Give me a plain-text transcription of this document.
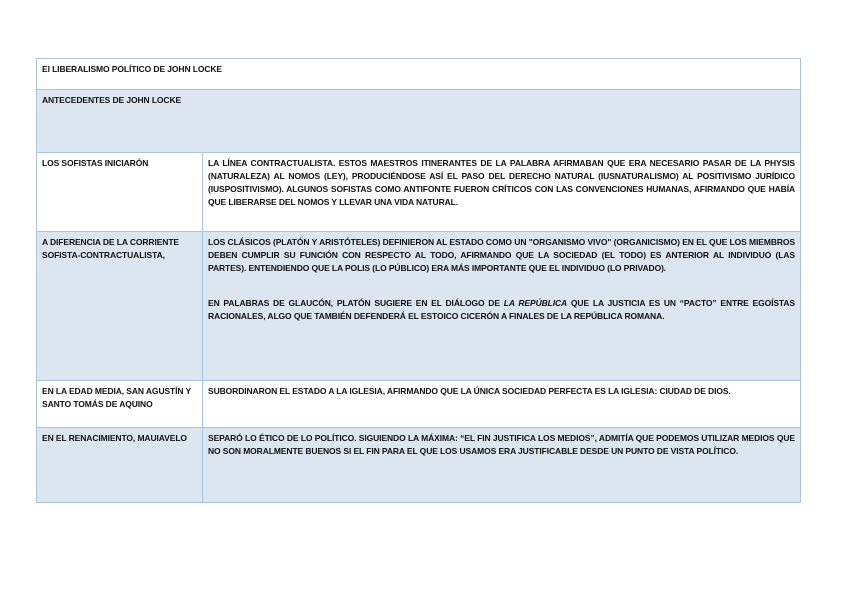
El LIBERALISMO POLÍTICO DE JOHN LOCKE	
ANTECEDENTES DE JOHN LOCKE	
LOS SOFISTAS INICIARÓN	LA LÍNEA CONTRACTUALISTA. ESTOS MAESTROS ITINERANTES DE LA PALABRA AFIRMABAN QUE ERA NECESARIO PASAR DE LA PHYSIS (NATURALEZA) AL NOMOS (LEY), PRODUCIÉNDOSE ASÍ EL PASO DEL DERECHO NATURAL (IUSNATURALISMO) AL POSITIVISMO JURÍDICO (IUSPOSITIVISMO). ALGUNOS SOFISTAS COMO ANTIFONTE FUERON CRÍTICOS CON LAS CONVENCIONES HUMANAS, AFIRMANDO QUE HABÍA QUE LIBERARSE DEL NOMOS Y LLEVAR UNA VIDA NATURAL.
A DIFERENCIA DE LA CORRIENTE SOFISTA-CONTRACTUALISTA,	LOS CLÁSICOS (PLATÓN Y ARISTÓTELES) DEFINIERON AL ESTADO COMO UN "ORGANISMO VIVO" (ORGANICISMO) EN EL QUE LOS MIEMBROS DEBEN CUMPLIR SU FUNCIÓN CON RESPECTO AL TODO, AFIRMANDO QUE LA SOCIEDAD (EL TODO) ES ANTERIOR AL INDIVIDUO (LAS PARTES). ENTENDIENDO QUE LA POLIS (LO PÚBLICO) ERA MÁS IMPORTANTE QUE EL INDIVIDUO (LO PRIVADO).
EN PALABRAS DE GLAUCÓN, PLATÓN SUGIERE EN EL DIÁLOGO DE LA REPÚBLICA QUE LA JUSTICIA ES UN “PACTO” ENTRE EGOÍSTAS RACIONALES, ALGO QUE TAMBIÉN DEFENDERÁ EL ESTOICO CICERÓN A FINALES DE LA REPÚBLICA ROMANA.

EN LA EDAD MEDIA, SAN AGUSTÍN Y SANTO TOMÁS DE AQUINO	SUBORDINARON EL ESTADO A LA IGLESIA, AFIRMANDO QUE LA ÚNICA SOCIEDAD PERFECTA ES LA IGLESIA: CIUDAD DE DIOS.
EN EL RENACIMIENTO, MAUIAVELO	SEPARÓ LO ÉTICO DE LO POLÍTICO. SIGUIENDO LA MÁXIMA: “EL FIN JUSTIFICA LOS MEDIOS”, ADMITÍA QUE PODEMOS UTILIZAR MEDIOS QUE NO SON MORALMENTE BUENOS SI EL FIN PARA EL QUE LOS USAMOS ERA JUSTIFICABLE DESDE UN PUNTO DE VISTA POLÍTICO.
